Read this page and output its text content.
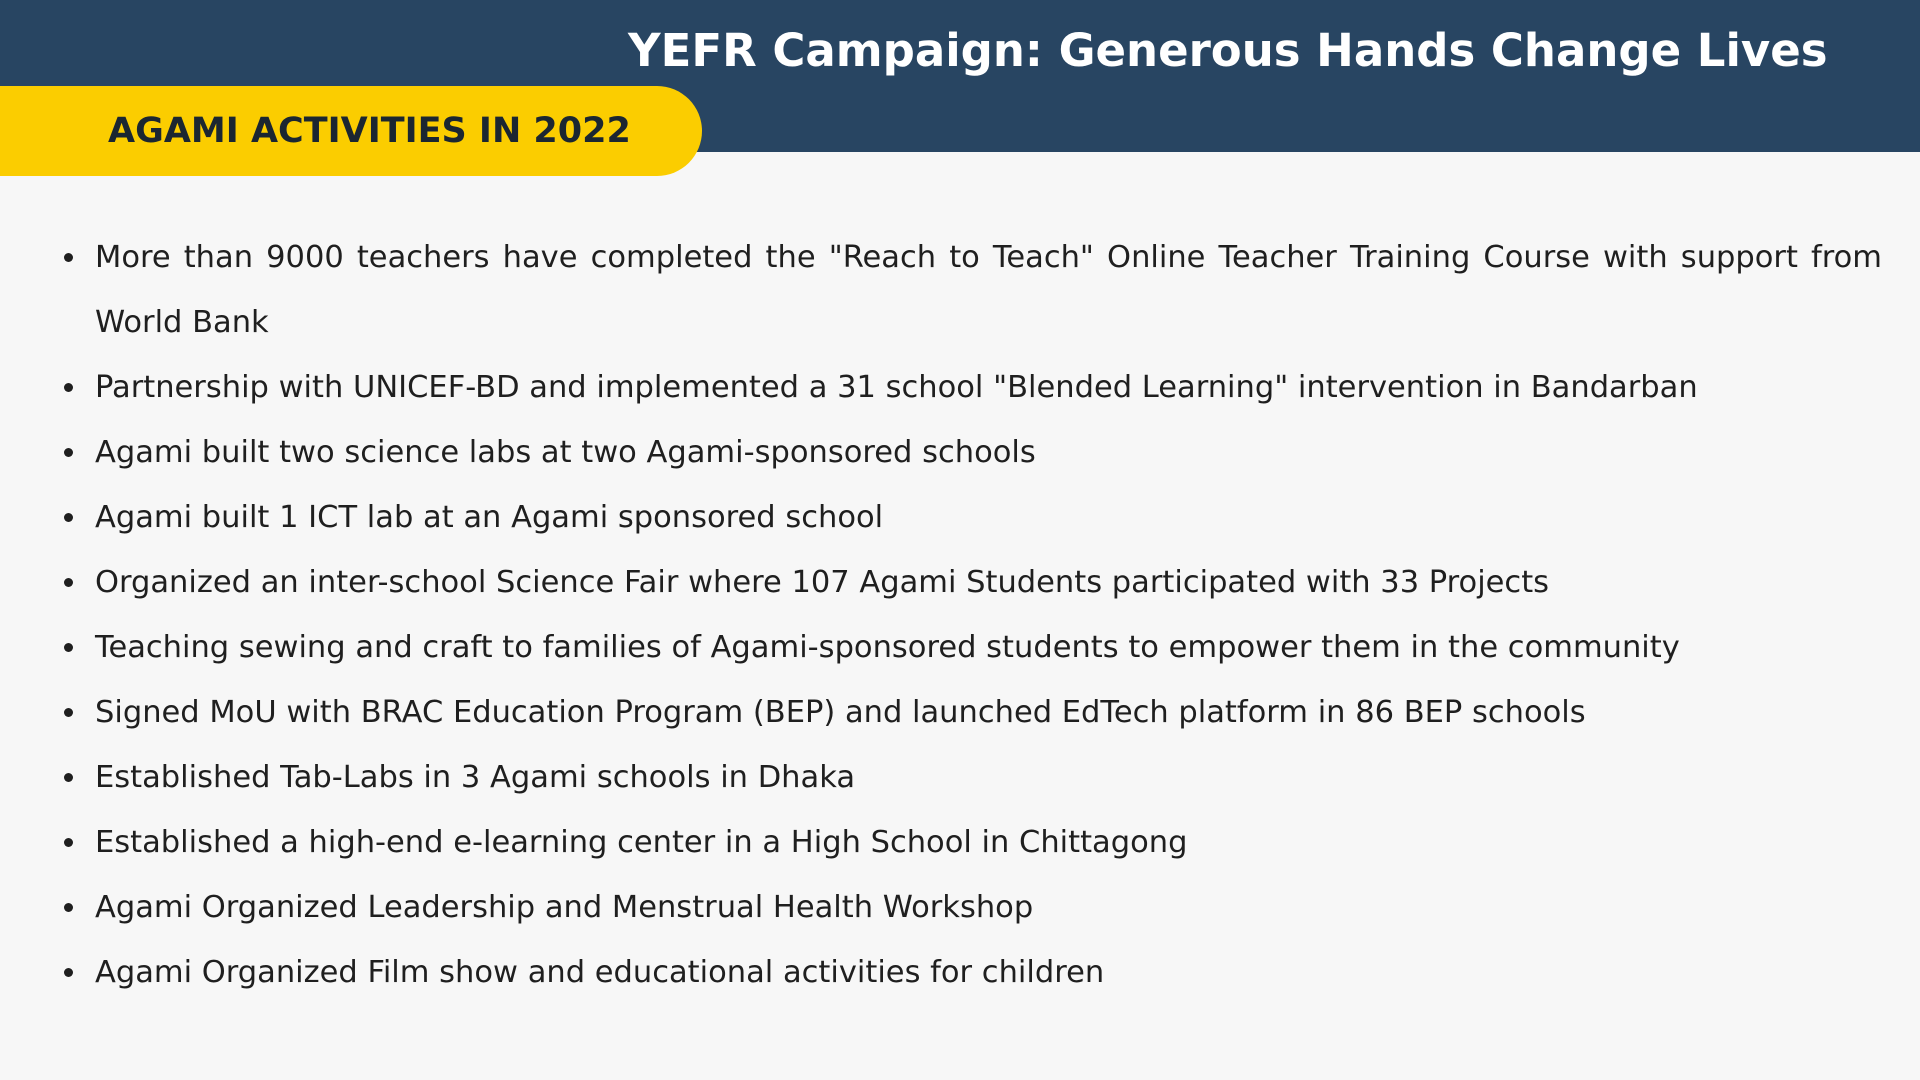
YEFR Campaign: Generous Hands Change Lives
AGAMI ACTIVITIES IN 2022
More than 9000 teachers have completed the "Reach to Teach" Online Teacher Training Course with support from World Bank
Partnership with UNICEF-BD and implemented a 31 school "Blended Learning" intervention in Bandarban
Agami built two science labs at two Agami-sponsored schools
Agami built 1 ICT lab at an Agami sponsored school
Organized an inter-school Science Fair where 107 Agami Students participated with 33 Projects
Teaching sewing and craft to families of Agami-sponsored students to empower them in the community
Signed MoU with BRAC Education Program (BEP) and launched EdTech platform in 86 BEP schools
Established Tab-Labs in 3 Agami schools in Dhaka
Established a high-end e-learning center in a High School in Chittagong
Agami Organized Leadership and Menstrual Health Workshop
Agami Organized Film show and educational activities for children
